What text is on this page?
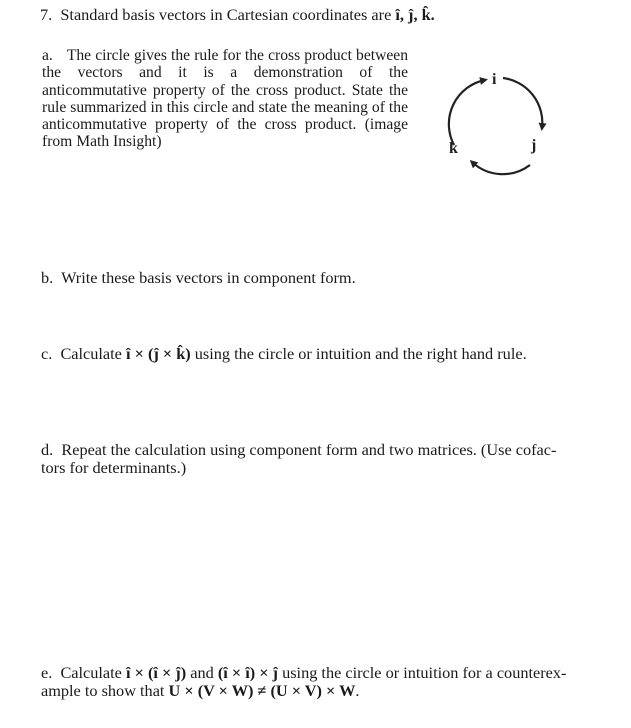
7. Standard basis vectors in Cartesian coordinates are î, ĵ, k̂.
a. The circle gives the rule for the cross product between the vectors and it is a demonstration of the anticommutative property of the cross product. State the rule summarized in this circle and state the meaning of the anticommutative property of the cross product. (image from Math Insight)
i
j
k
b. Write these basis vectors in component form.
c. Calculate î × (ĵ × k̂) using the circle or intuition and the right hand rule.
d. Repeat the calculation using component form and two matrices. (Use cofac-
tors for determinants.)
e. Calculate î × (î × ĵ) and (î × î) × ĵ using the circle or intuition for a counterex-
ample to show that U × (V × W) ≠ (U × V) × W.
